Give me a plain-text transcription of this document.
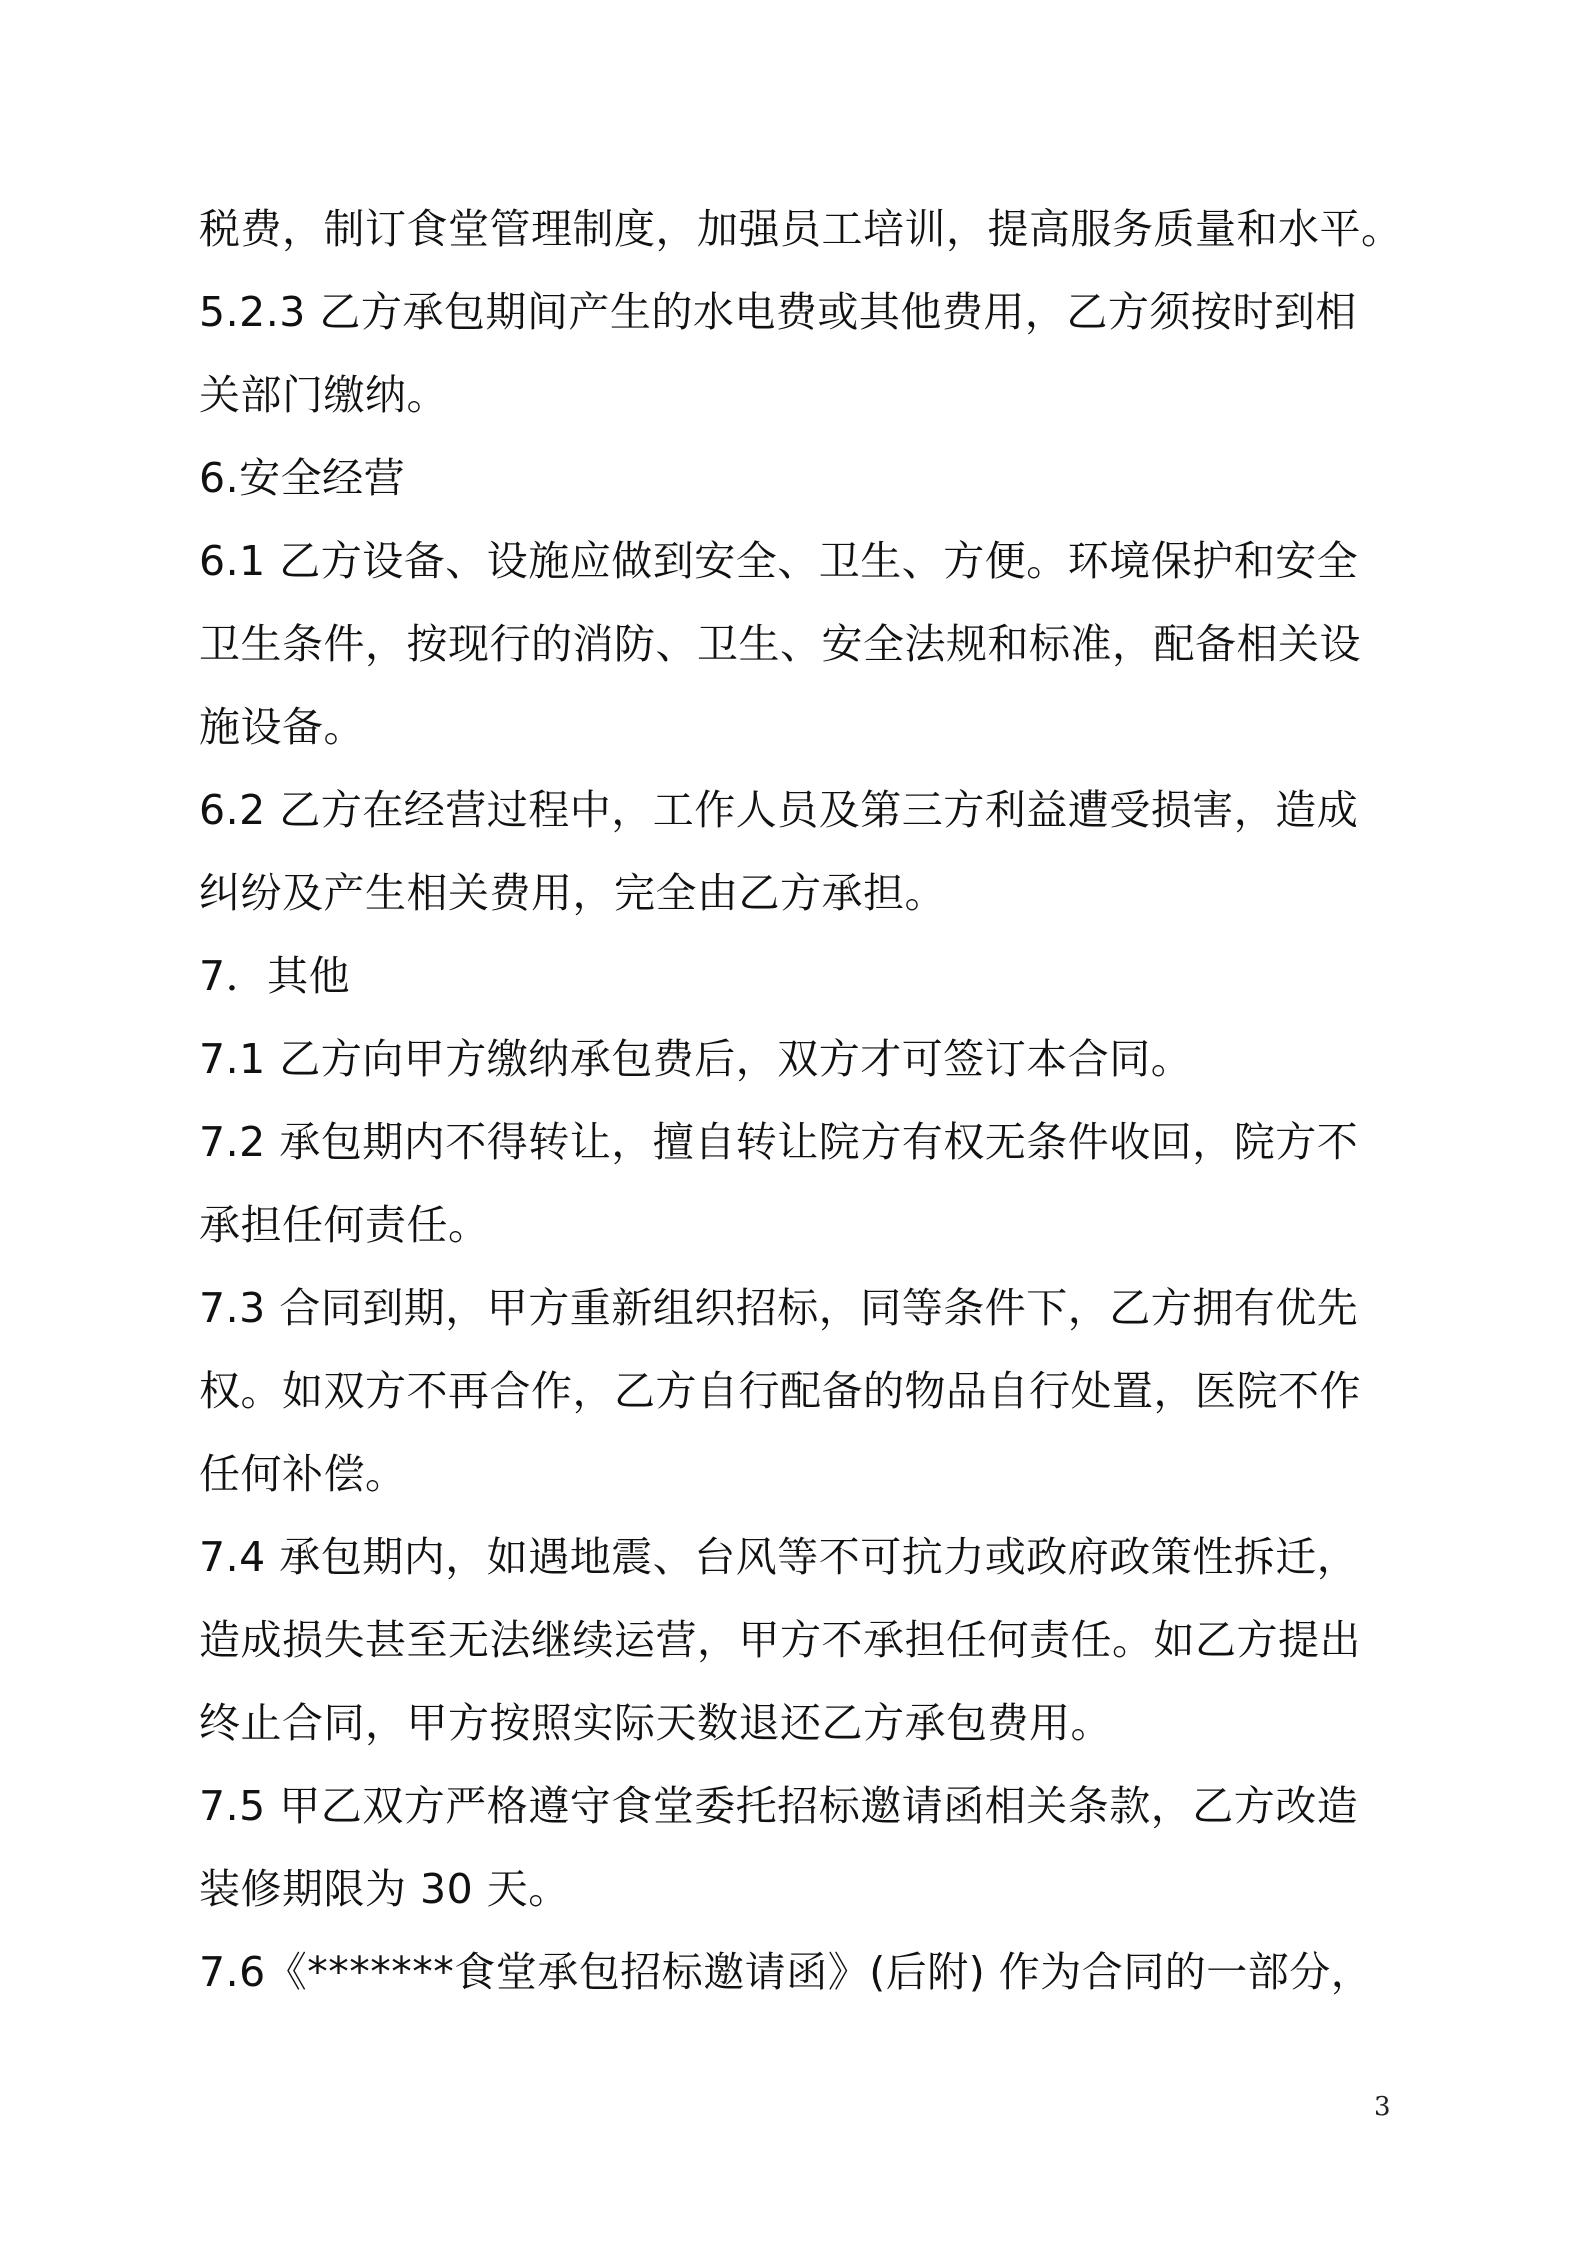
税费，制订食堂管理制度，加强员工培训，提高服务质量和水平。
5.2.3 乙方承包期间产生的水电费或其他费用，乙方须按时到相
关部门缴纳。
6.安全经营
6.1 乙方设备、设施应做到安全、卫生、方便。环境保护和安全
卫生条件，按现行的消防、卫生、安全法规和标准，配备相关设
施设备。
6.2 乙方在经营过程中，工作人员及第三方利益遭受损害，造成
纠纷及产生相关费用，完全由乙方承担。
7．其他
7.1 乙方向甲方缴纳承包费后，双方才可签订本合同。
7.2 承包期内不得转让，擅自转让院方有权无条件收回，院方不
承担任何责任。
7.3 合同到期，甲方重新组织招标，同等条件下，乙方拥有优先
权。如双方不再合作，乙方自行配备的物品自行处置，医院不作
任何补偿。
7.4 承包期内，如遇地震、台风等不可抗力或政府政策性拆迁，
造成损失甚至无法继续运营，甲方不承担任何责任。如乙方提出
终止合同，甲方按照实际天数退还乙方承包费用。
7.5 甲乙双方严格遵守食堂委托招标邀请函相关条款，乙方改造
装修期限为 30 天。
7.6《*******食堂承包招标邀请函》(后附) 作为合同的一部分，
3
